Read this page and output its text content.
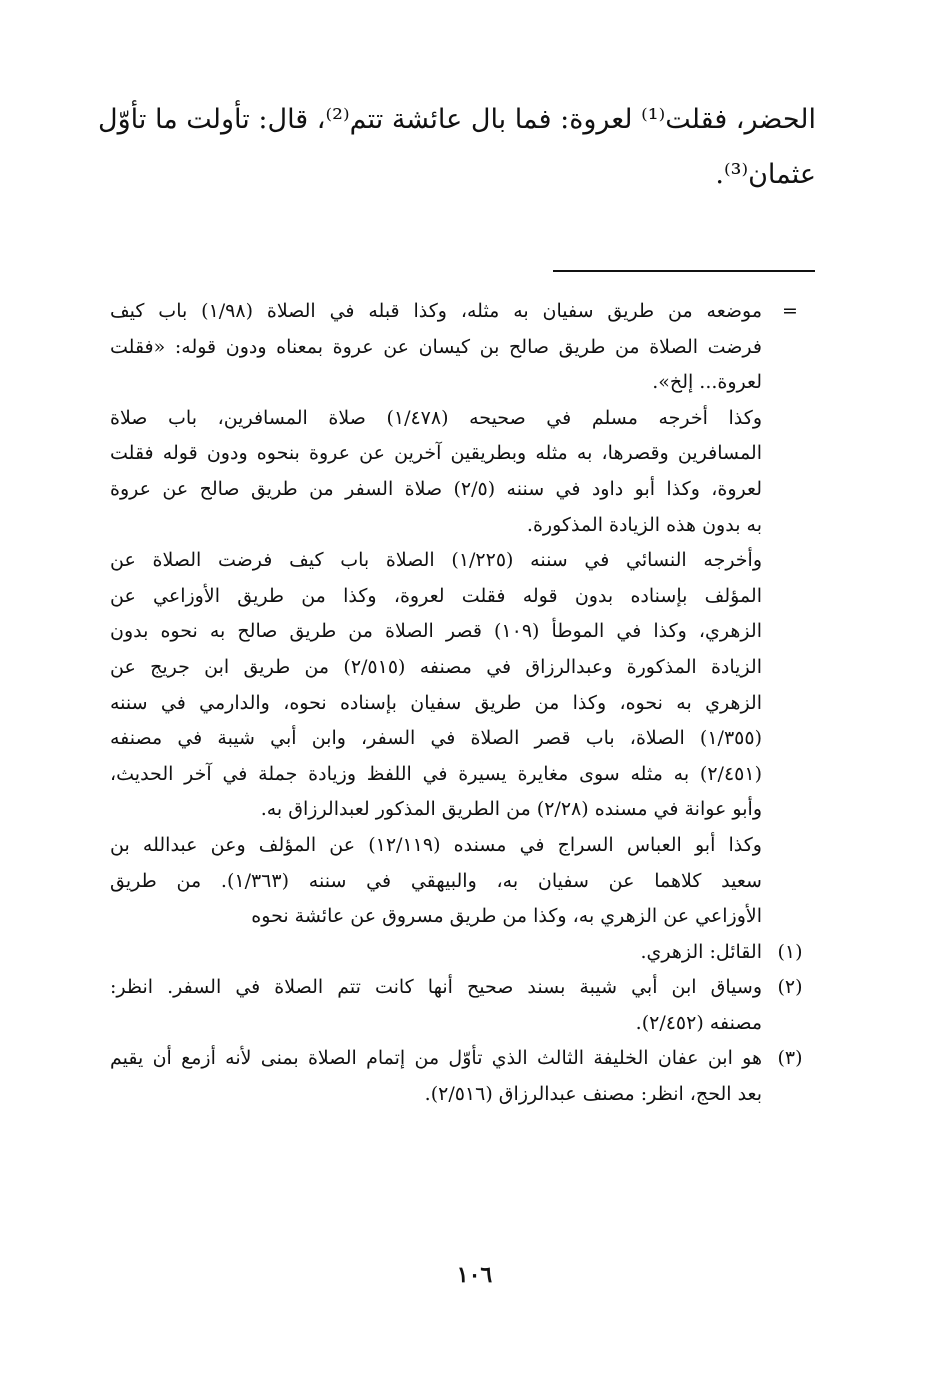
الحضر، فقلت⁽¹⁾ لعروة: فما بال عائشة تتم⁽²⁾، قال: تأولت ما تأوّل
عثمان⁽³⁾.
=
موضعه من طريق سفيان به مثله، وكذا قبله في الصلاة (١/٩٨) باب كيف
فرضت الصلاة من طريق صالح بن كيسان عن عروة بمعناه ودون قوله: «فقلت
لعروة... إلخ».
وكذا أخرجه مسلم في صحيحه (١/٤٧٨) صلاة المسافرين، باب صلاة
المسافرين وقصرها، به مثله وبطريقين آخرين عن عروة بنحوه ودون قوله فقلت
لعروة، وكذا أبو داود في سننه (٢/٥) صلاة السفر من طريق صالح عن عروة
به بدون هذه الزيادة المذكورة.
وأخرجه النسائي في سننه (١/٢٢٥) الصلاة باب كيف فرضت الصلاة عن
المؤلف بإسناده بدون قوله فقلت لعروة، وكذا من طريق الأوزاعي عن
الزهري، وكذا في الموطأ (١٠٩) قصر الصلاة من طريق صالح به نحوه بدون
الزيادة المذكورة وعبدالرزاق في مصنفه (٢/٥١٥) من طريق ابن جريج عن
الزهري به نحوه، وكذا من طريق سفيان بإسناده نحوه، والدارمي في سننه
(١/٣٥٥) الصلاة، باب قصر الصلاة في السفر، وابن أبي شيبة في مصنفه
(٢/٤٥١) به مثله سوى مغايرة يسيرة في اللفظ وزيادة جملة في آخر الحديث،
وأبو عوانة في مسنده (٢/٢٨) من الطريق المذكور لعبدالرزاق به.
وكذا أبو العباس السراج في مسنده (١٢/١١٩) عن المؤلف وعن عبدالله بن
سعيد كلاهما عن سفيان به، والبيهقي في سننه (١/٣٦٣). من طريق
الأوزاعي عن الزهري به، وكذا من طريق مسروق عن عائشة نحوه
(١)
القائل: الزهري.
(٢)
وسياق ابن أبي شيبة بسند صحيح أنها كانت تتم الصلاة في السفر. انظر:
مصنفه (٢/٤٥٢).
(٣)
هو ابن عفان الخليفة الثالث الذي تأوّل من إتمام الصلاة بمنى لأنه أزمع أن يقيم
بعد الحج، انظر: مصنف عبدالرزاق (٢/٥١٦).
١٠٦
